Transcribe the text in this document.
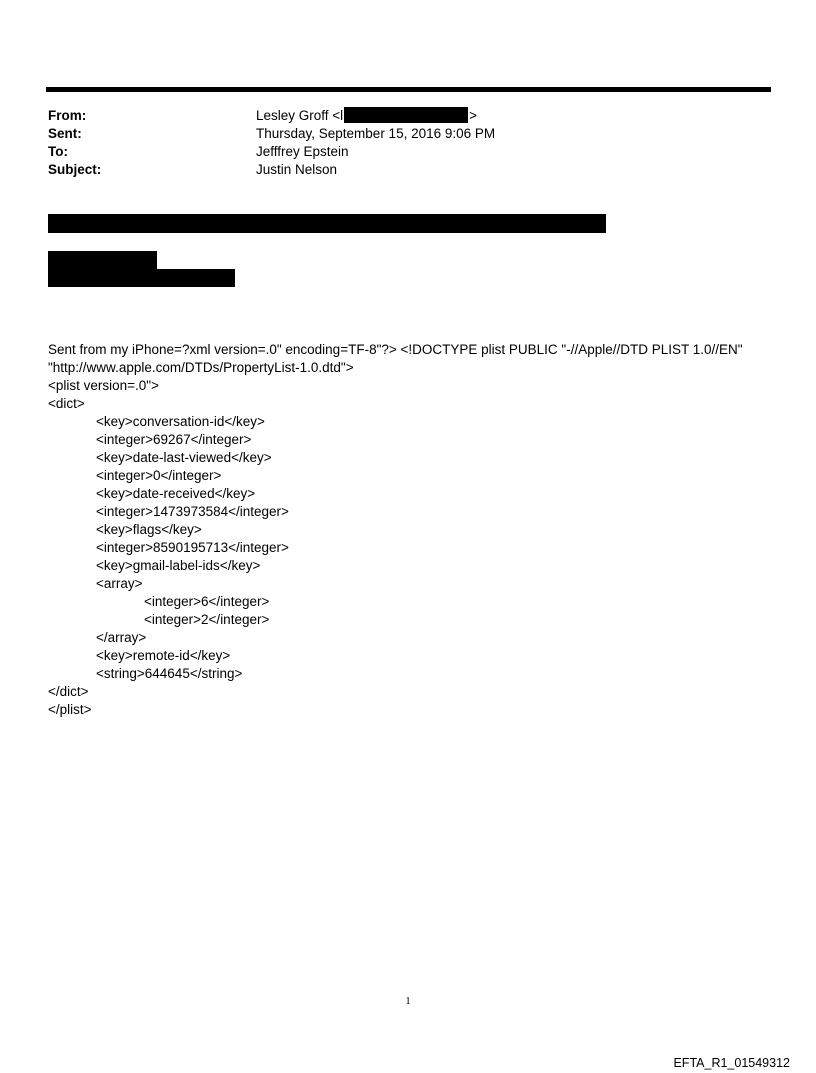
From:	Lesley Groff <l	>
Sent:	Thursday, September 15, 2016 9:06 PM
To:	Jefffrey Epstein
Subject:	Justin Nelson
Sent from my iPhone=?xml version=.0" encoding=TF-8"?> <!DOCTYPE plist PUBLIC "-//Apple//DTD PLIST 1.0//EN"
"http://www.apple.com/DTDs/PropertyList-1.0.dtd">
<plist version=.0">
<dict>
<key>conversation-id</key>
<integer>69267</integer>
<key>date-last-viewed</key>
<integer>0</integer>
<key>date-received</key>
<integer>1473973584</integer>
<key>flags</key>
<integer>8590195713</integer>
<key>gmail-label-ids</key>
<array>
<integer>6</integer>
<integer>2</integer>
</array>
<key>remote-id</key>
<string>644645</string>
</dict>
</plist>
1
EFTA_R1_01549312
